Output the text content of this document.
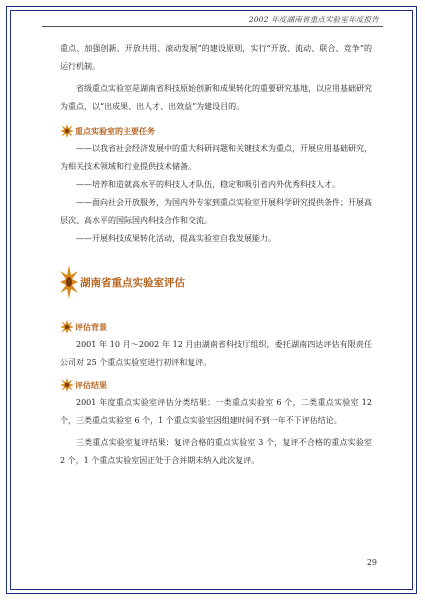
2002 年度湖南省重点实验室年度报告

重点、加强创新、开放共用、滚动发展”的建设原则，实行“开放、流动、联合、竞争”的运行机制。

省级重点实验室是湖南省科技原始创新和成果转化的重要研究基地，以应用基础研究为重点，以“出成果、出人才、出效益”为建设目的。

重点实验室的主要任务

——以我省社会经济发展中的重大科研问题和关键技术为重点，开展应用基础研究，为相关技术领域和行业提供技术储备。

——培养和造就高水平的科技人才队伍，稳定和吸引省内外优秀科技人才。

——面向社会开放服务，为国内外专家到重点实验室开展科学研究提供条件；开展高层次、高水平的国际国内科技合作和交流。

——开展科技成果转化活动，提高实验室自我发展能力。

湖南省重点实验室评估
评估背景

2001 年 10 月～2002 年 12 月由湖南省科技厅组织，委托湖南四达评估有限责任公司对 25 个重点实验室进行初评和复评。

评估结果

2001 年度重点实验室评估分类结果：一类重点实验室 6 个，二类重点实验室 12 个，三类重点实验室 6 个，1 个重点实验室因组建时间不到一年不下评估结论。

三类重点实验室复评结果：复评合格的重点实验室 3 个，复评不合格的重点实验室 2 个，1 个重点实验室因正处于合并期未纳入此次复评。

29
